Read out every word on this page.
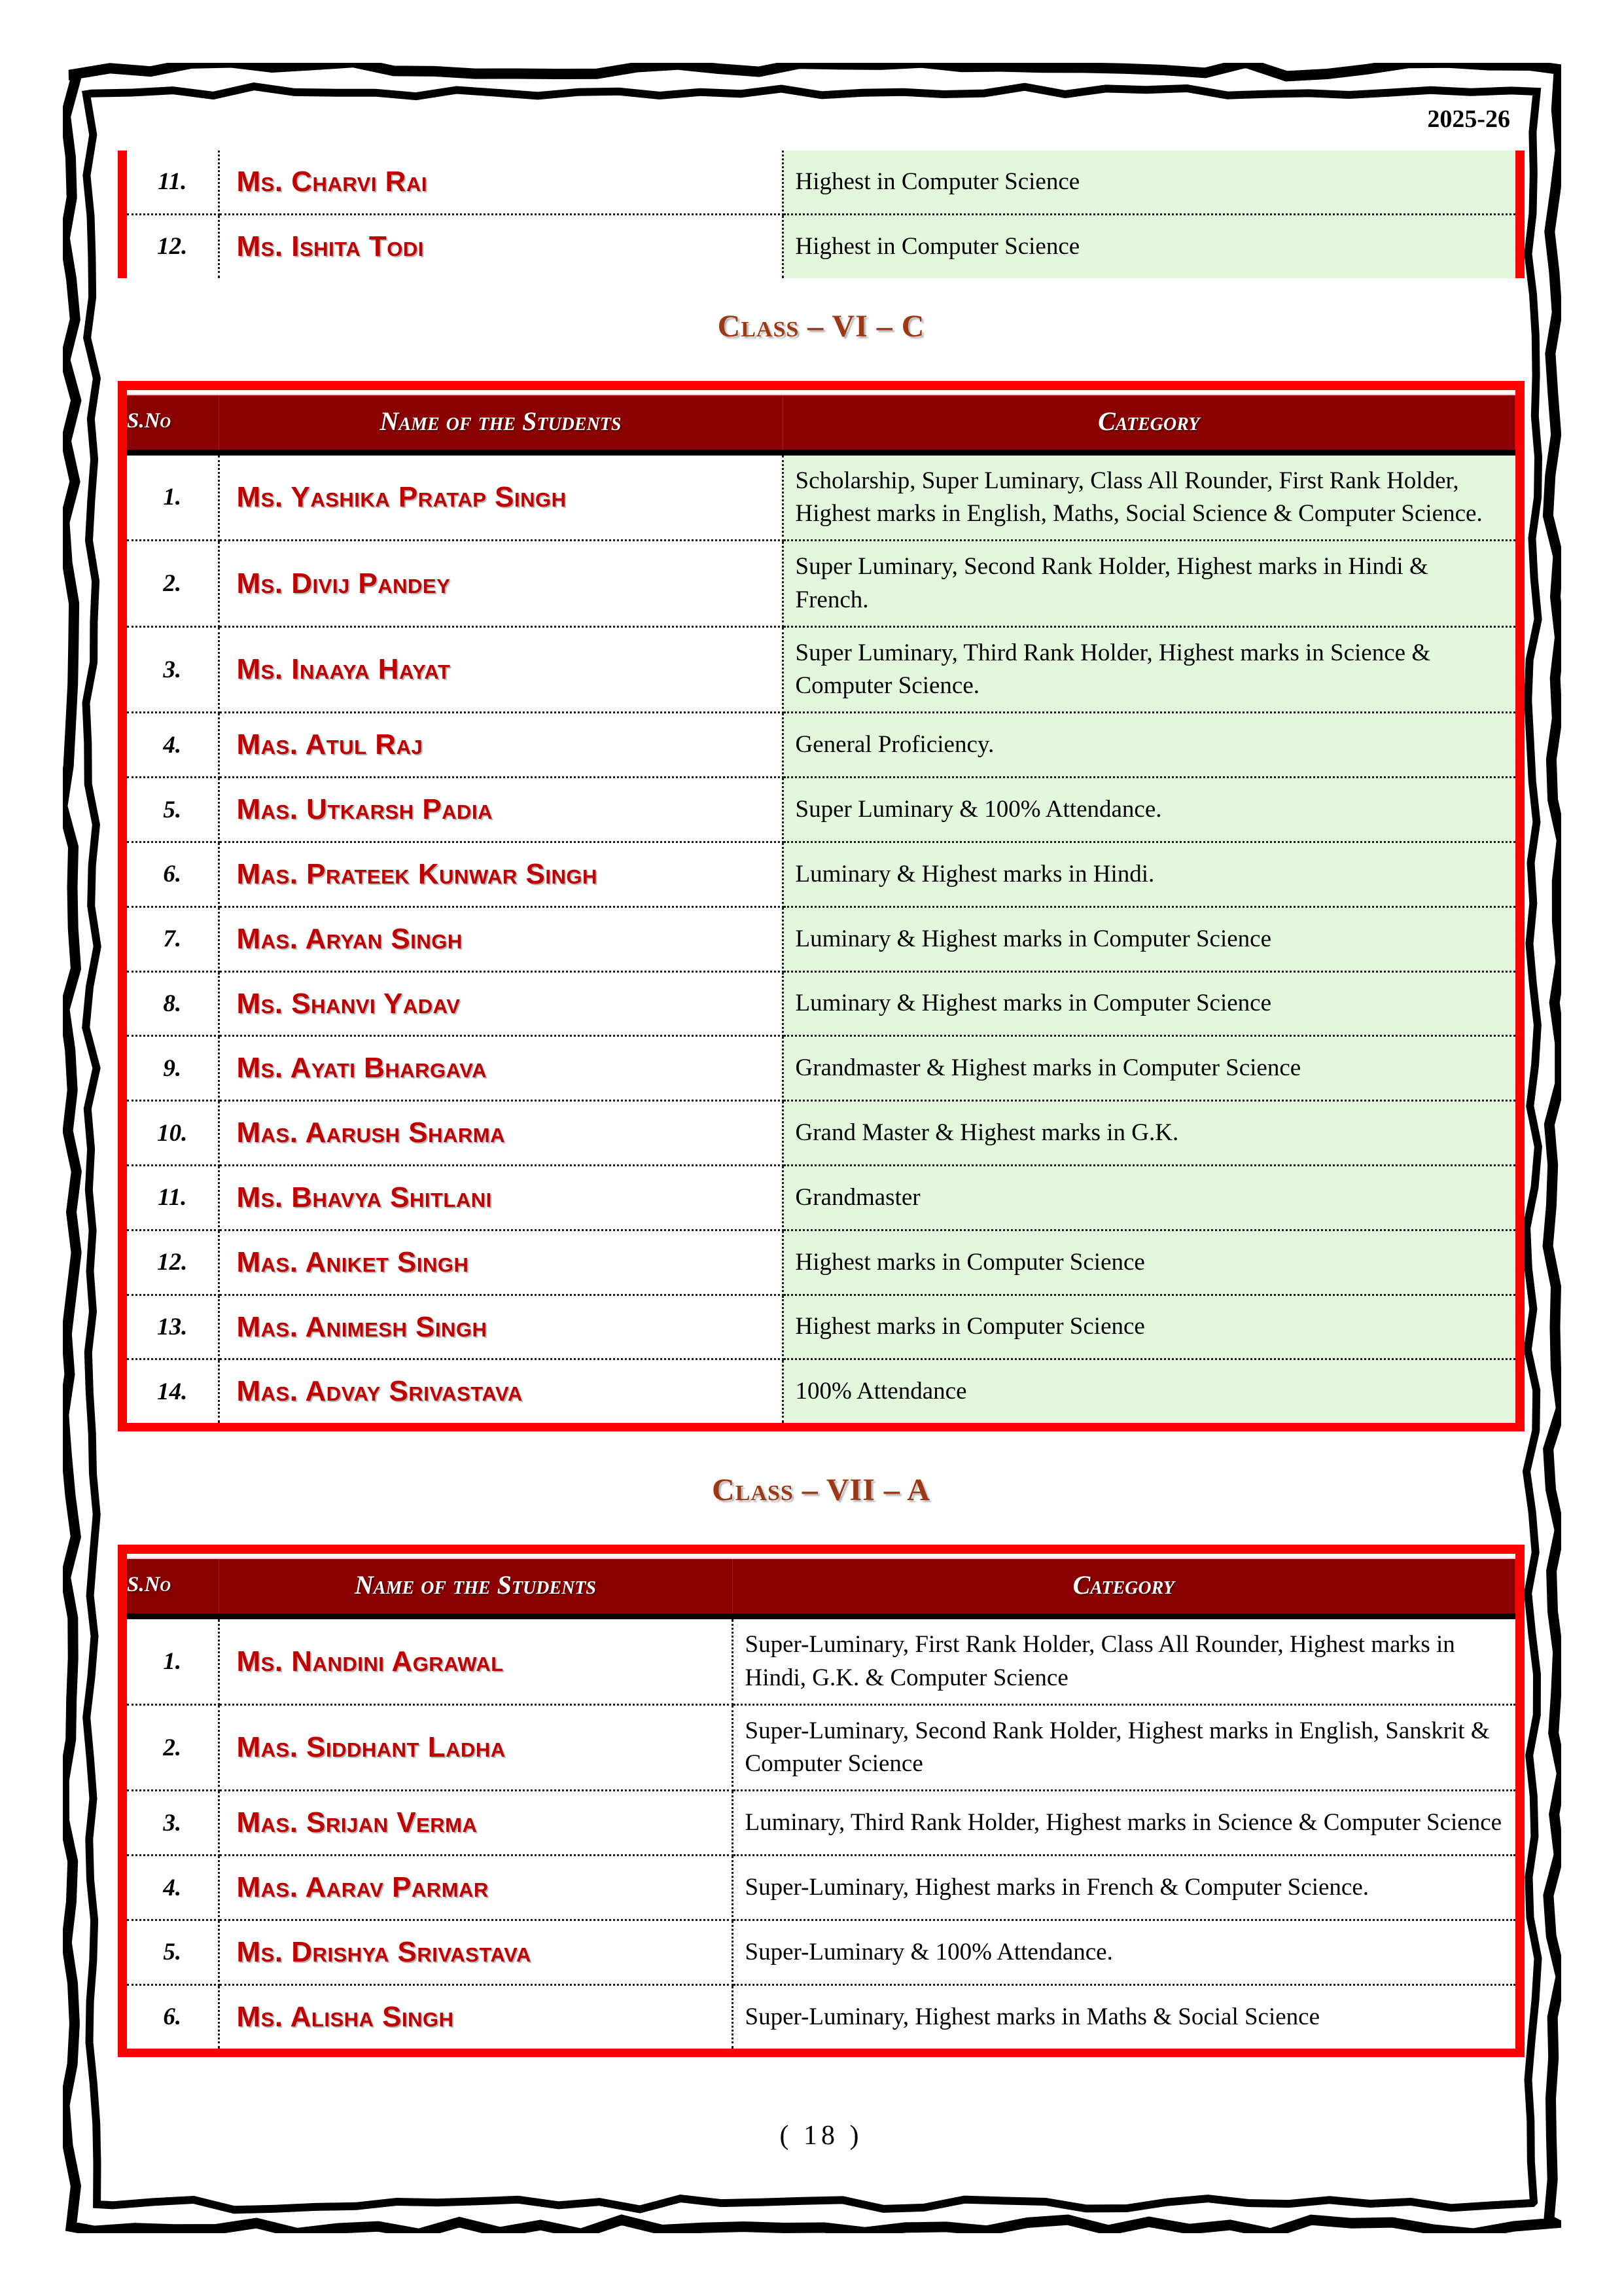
2025-26
11.	Ms. Charvi Rai	Highest in Computer Science
12.	Ms. Ishita Todi	Highest in Computer Science
Class – VI – C

S.No	Name of the Students	Category
1.	Ms. Yashika Pratap Singh	Scholarship, Super Luminary, Class All Rounder, First Rank Holder, Highest marks in English, Maths, Social Science & Computer Science.
2.	Ms. Divij Pandey	Super Luminary, Second Rank Holder, Highest marks in Hindi & French.
3.	Ms. Inaaya Hayat	Super Luminary, Third Rank Holder, Highest marks in Science & Computer Science.
4.	Mas. Atul Raj	General Proficiency.
5.	Mas. Utkarsh Padia	Super Luminary & 100% Attendance.
6.	Mas. Prateek Kunwar Singh	Luminary & Highest marks in Hindi.
7.	Mas. Aryan Singh	Luminary & Highest marks in Computer Science
8.	Ms. Shanvi Yadav	Luminary & Highest marks in Computer Science
9.	Ms. Ayati Bhargava	Grandmaster & Highest marks in Computer Science
10.	Mas. Aarush Sharma	Grand Master & Highest marks in G.K.
11.	Ms. Bhavya Shitlani	Grandmaster
12.	Mas. Aniket Singh	Highest marks in Computer Science
13.	Mas. Animesh Singh	Highest marks in Computer Science
14.	Mas. Advay Srivastava	100% Attendance
Class – VII – A

S.No	Name of the Students	Category
1.	Ms. Nandini Agrawal	Super-Luminary, First Rank Holder, Class All Rounder, Highest marks in Hindi, G.K. & Computer Science
2.	Mas. Siddhant Ladha	Super-Luminary, Second Rank Holder, Highest marks in English, Sanskrit & Computer Science
3.	Mas. Srijan Verma	Luminary, Third Rank Holder, Highest marks in Science & Computer Science
4.	Mas. Aarav Parmar	Super-Luminary, Highest marks in French & Computer Science.
5.	Ms. Drishya Srivastava	Super-Luminary & 100% Attendance.
6.	Ms. Alisha Singh	Super-Luminary, Highest marks in Maths & Social Science
( 18 )
